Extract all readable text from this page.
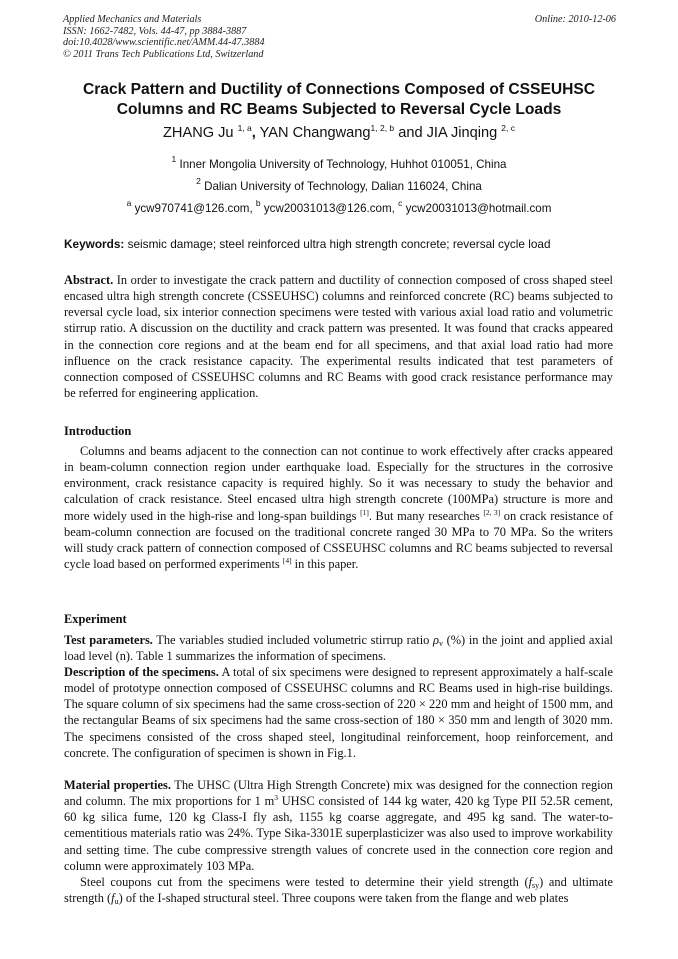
Applied Mechanics and Materials
ISSN: 1662-7482, Vols. 44-47, pp 3884-3887
doi:10.4028/www.scientific.net/AMM.44-47.3884
© 2011 Trans Tech Publications Ltd, Switzerland
Online: 2010-12-06
Crack Pattern and Ductility of Connections Composed of CSSEUHSC
Columns and RC Beams Subjected to Reversal Cycle Loads
ZHANG Ju $^{1, a}$, YAN Changwang$^{1, 2, b}$ and JIA Jinqing $^{2, c}$
$^1$ Inner Mongolia University of Technology, Huhhot 010051, China
$^2$ Dalian University of Technology, Dalian 116024, China
$^a$ ycw970741@126.com, $^b$ ycw20031013@126.com, $^c$ ycw20031013@hotmail.com
Keywords: seismic damage; steel reinforced ultra high strength concrete; reversal cycle load
Abstract. In order to investigate the crack pattern and ductility of connection composed of cross shaped steel encased ultra high strength concrete (CSSEUHSC) columns and reinforced concrete (RC) beams subjected to reversal cycle load, six interior connection specimens were tested with various axial load ratio and volumetric stirrup ratio. A discussion on the ductility and crack pattern was presented. It was found that cracks appeared in the connection core regions and at the beam end for all specimens, and that axial load ratio had more influence on the crack resistance capacity. The experimental results indicated that test parameters of connection composed of CSSEUHSC columns and RC Beams with good crack resistance performance may be referred for engineering application.
Introduction
Columns and beams adjacent to the connection can not continue to work effectively after cracks appeared in beam-column connection region under earthquake load. Especially for the structures in the corrosive environment, crack resistance capacity is required highly. So it was necessary to study the behavior and calculation of crack resistance. Steel encased ultra high strength concrete (100MPa) structure is more and more widely used in the high-rise and long-span buildings [1]. But many researches [2, 3] on crack resistance of beam-column connection are focused on the traditional concrete ranged 30 MPa to 70 MPa. So the writers will study crack pattern of connection composed of CSSEUHSC columns and RC beams subjected to reversal cycle load based on performed experiments [4] in this paper.
Experiment
Test parameters. The variables studied included volumetric stirrup ratio $\rho_v$ (%) in the joint and applied axial load level (n). Table 1 summarizes the information of specimens.
Description of the specimens. A total of six specimens were designed to represent approximately a half-scale model of prototype onnection composed of CSSEUHSC columns and RC Beams used in high-rise buildings. The square column of six specimens had the same cross-section of 220 × 220 mm and height of 1500 mm, and the rectangular Beams of six specimens had the same cross-section of 180 × 350 mm and length of 3020 mm. The specimens consisted of the cross shaped steel, longitudinal reinforcement, hoop reinforcement, and concrete. The configuration of specimen is shown in Fig.1.
Material properties. The UHSC (Ultra High Strength Concrete) mix was designed for the connection region and column. The mix proportions for 1 $m^3$ UHSC consisted of 144 kg water, 420 kg Type PII 52.5R cement, 60 kg silica fume, 120 kg Class-I fly ash, 1155 kg coarse aggregate, and 495 kg sand. The water-to- cementitious materials ratio was 24%. Type Sika-3301E superplasticizer was also used to improve workability and setting time. The cube compressive strength values of concrete used in the connection core region and column were approximately 103 MPa.
Steel coupons cut from the specimens were tested to determine their yield strength $(f_{sy})$ and ultimate strength $(f_u)$ of the I-shaped structural steel. Three coupons were taken from the flange and web plates
